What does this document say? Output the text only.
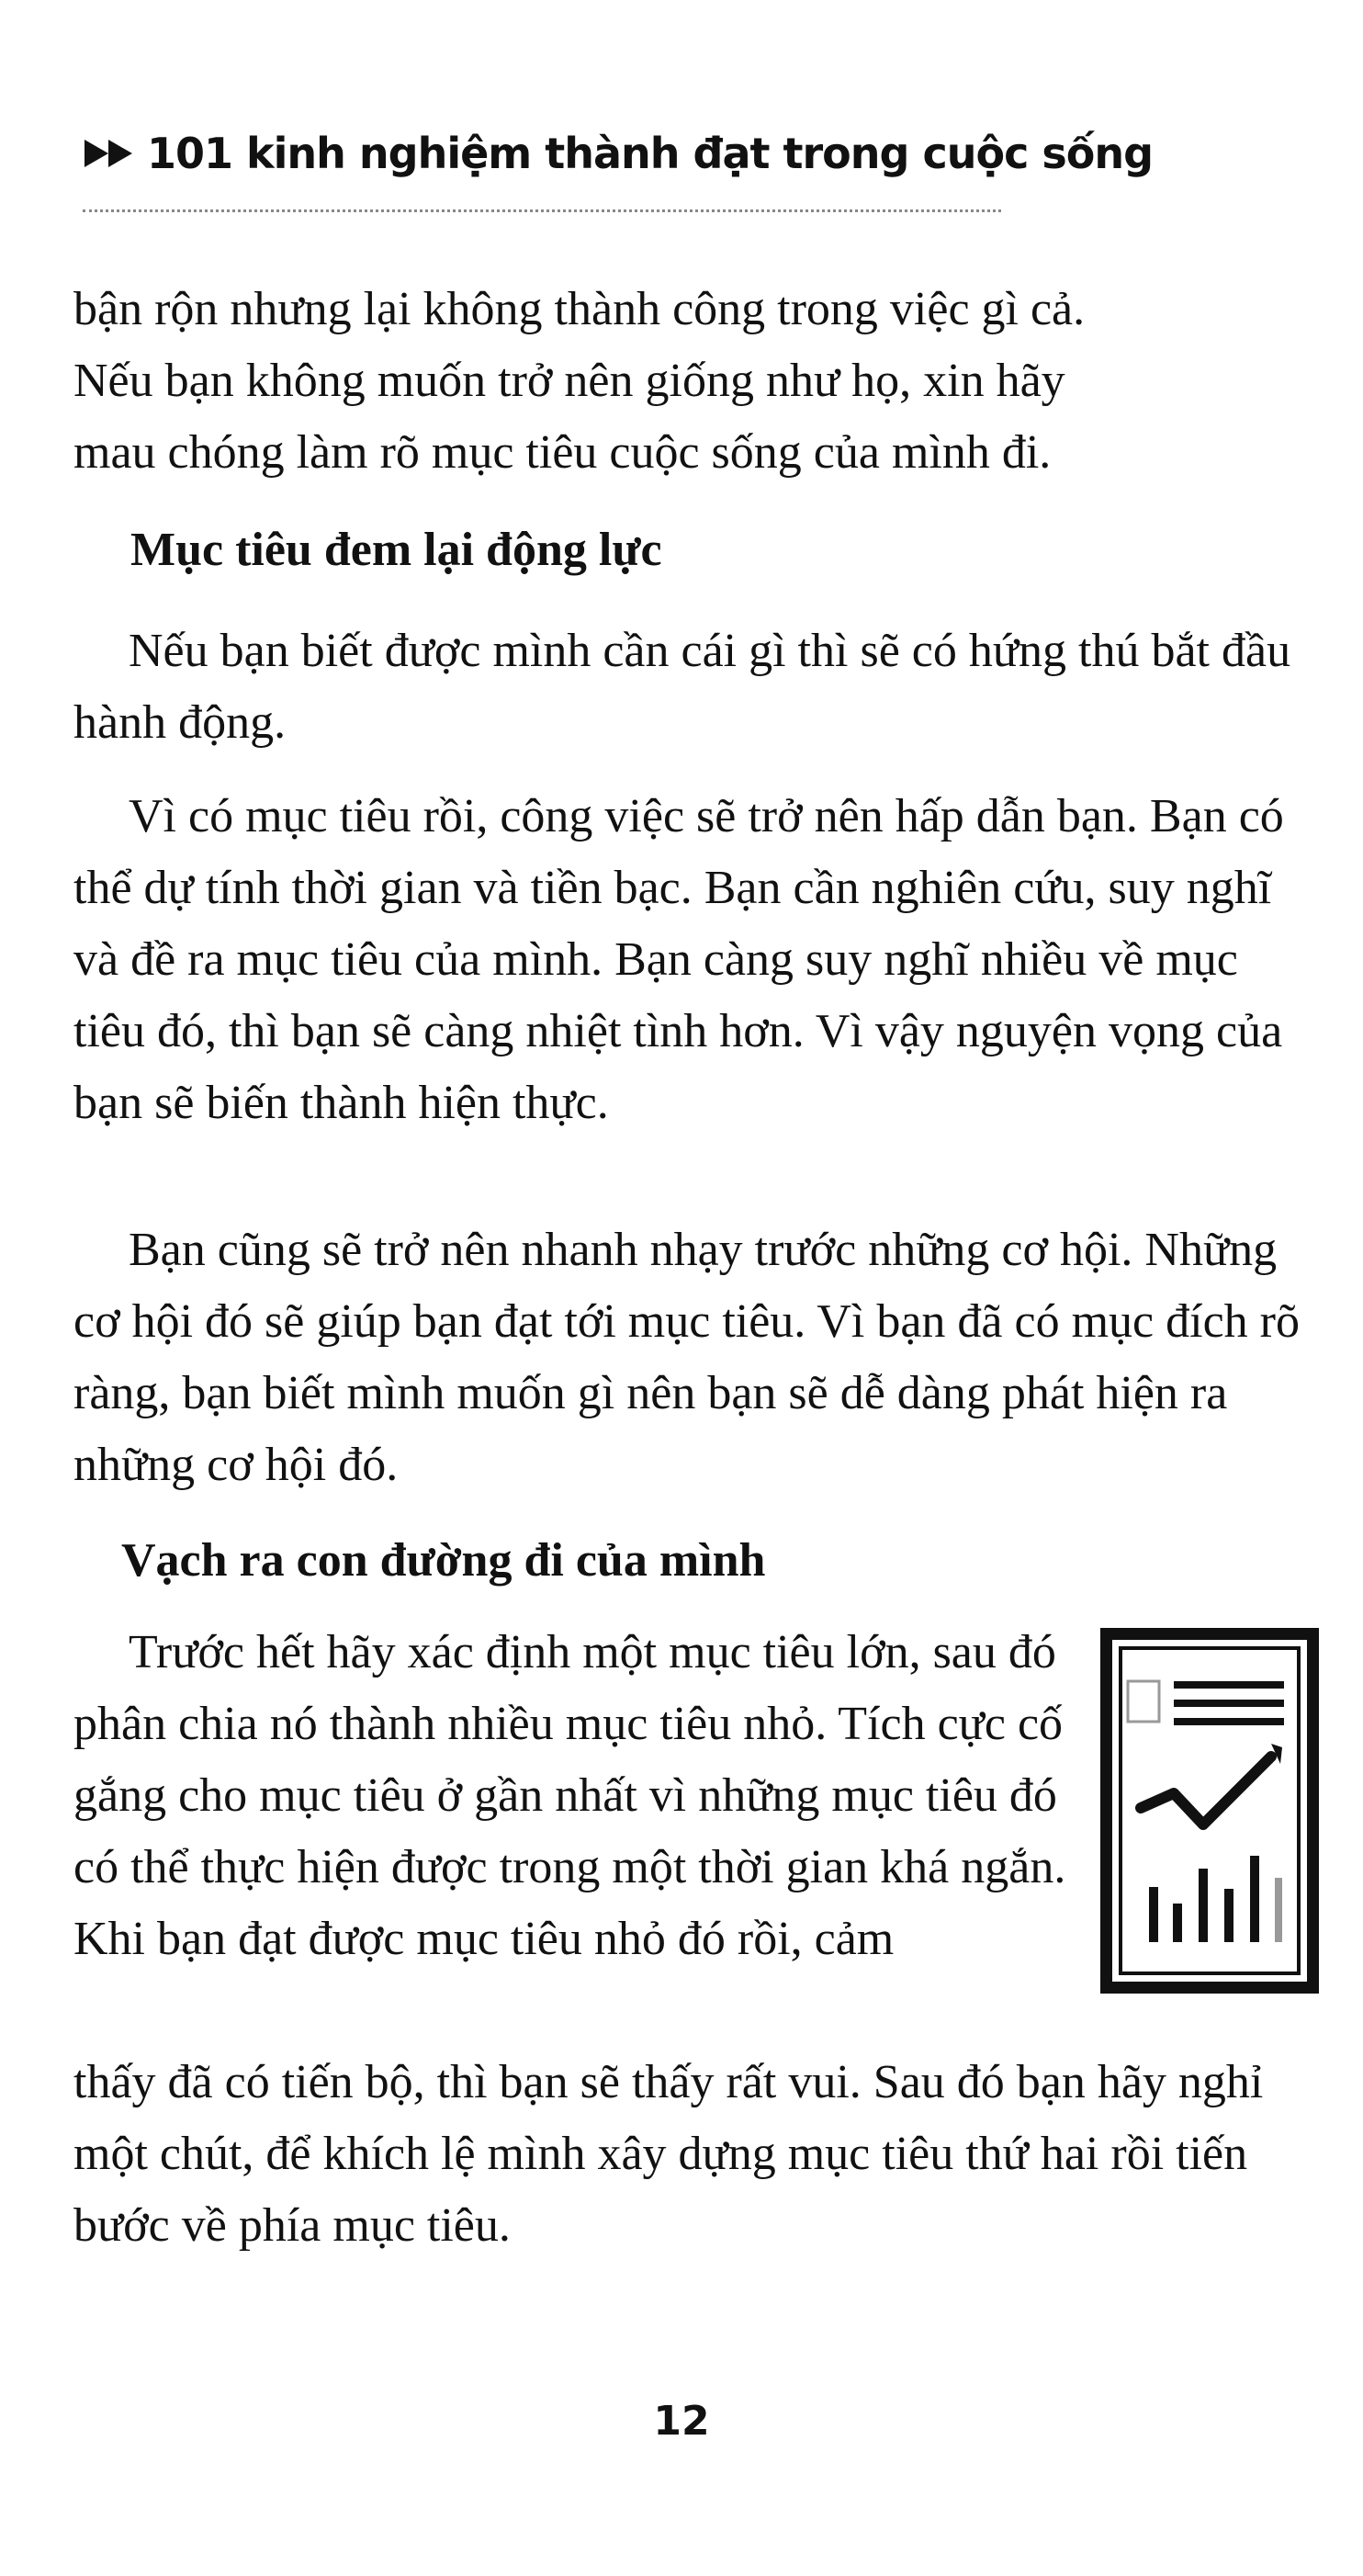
101 kinh nghiệm thành đạt trong cuộc sống

bận rộn nhưng lại không thành công trong việc gì cả.

Nếu bạn không muốn trở nên giống như họ, xin hãy

mau chóng làm rõ mục tiêu cuộc sống của mình đi.

Mục tiêu đem lại động lực
Nếu bạn biết được mình cần cái gì thì sẽ có hứng thú bắt đầu hành động.
Vì có mục tiêu rồi, công việc sẽ trở nên hấp dẫn bạn. Bạn có thể dự tính thời gian và tiền bạc. Bạn cần nghiên cứu, suy nghĩ và đề ra mục tiêu của mình. Bạn càng suy nghĩ nhiều về mục tiêu đó, thì bạn sẽ càng nhiệt tình hơn. Vì vậy nguyện vọng của bạn sẽ biến thành hiện thực.
Bạn cũng sẽ trở nên nhanh nhạy trước những cơ hội. Những cơ hội đó sẽ giúp bạn đạt tới mục tiêu. Vì bạn đã có mục đích rõ ràng, bạn biết mình muốn gì nên bạn sẽ dễ dàng phát hiện ra những cơ hội đó.
Vạch ra con đường đi của mình
Trước hết hãy xác định một mục tiêu lớn, sau đó phân chia nó thành nhiều mục tiêu nhỏ. Tích cực cố gắng cho mục tiêu ở gần nhất vì những mục tiêu đó có thể thực hiện được trong một thời gian khá ngắn. Khi bạn đạt được mục tiêu nhỏ đó rồi, cảm
thấy đã có tiến bộ, thì bạn sẽ thấy rất vui. Sau đó bạn hãy nghỉ một chút, để khích lệ mình xây dựng mục tiêu thứ hai rồi tiến bước về phía mục tiêu.
12
